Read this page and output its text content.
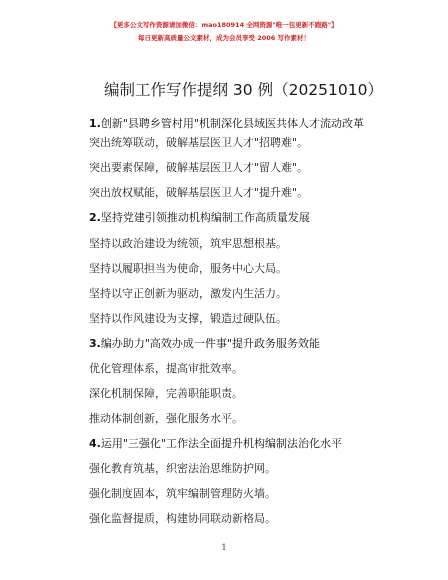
【更多公文写作资源请加微信：mao180914 全网资源"唯一包更新不跑路"】
每日更新高质量公文素材，成为会员享受 2006 写作素材！
编制工作写作提纲 30 例（20251010）
1.创新"县聘乡管村用"机制深化县域医共体人才流动改革
突出统筹联动，破解基层医卫人才"招聘难"。
突出要素保障，破解基层医卫人才"留人难"。
突出放权赋能，破解基层医卫人才"提升难"。
2.坚持党建引领推动机构编制工作高质量发展
坚持以政治建设为统领，筑牢思想根基。
坚持以履职担当为使命，服务中心大局。
坚持以守正创新为驱动，激发内生活力。
坚持以作风建设为支撑，锻造过硬队伍。
3.编办助力"高效办成一件事"提升政务服务效能
优化管理体系，提高审批效率。
深化机制保障，完善职能职责。
推动体制创新，强化服务水平。
4.运用"三强化"工作法全面提升机构编制法治化水平
强化教育筑基，织密法治思维防护网。
强化制度固本，筑牢编制管理防火墙。
强化监督提质，构建协同联动新格局。
1
